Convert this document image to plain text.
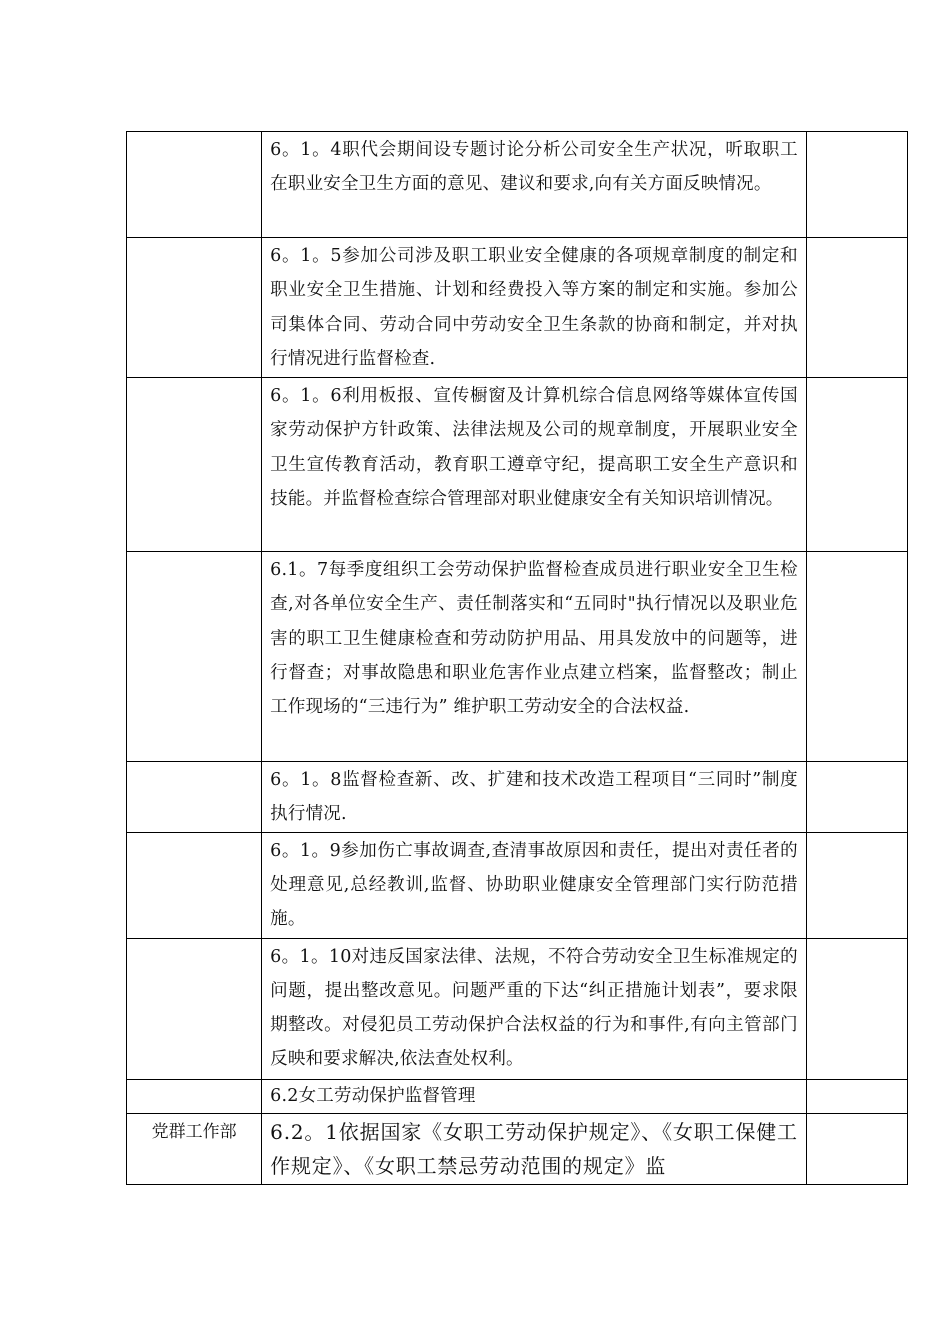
	6。1。4职代会期间设专题讨论分析公司安全生产状况，听取职工在职业安全卫生方面的意见、建议和要求,向有关方面反映情况。	

	6。1。5参加公司涉及职工职业安全健康的各项规章制度的制定和职业安全卫生措施、计划和经费投入等方案的制定和实施。参加公司集体合同、劳动合同中劳动安全卫生条款的协商和制定，并对执行情况进行监督检查.	

	6。1。6利用板报、宣传橱窗及计算机综合信息网络等媒体宣传国家劳动保护方针政策、法律法规及公司的规章制度，开展职业安全卫生宣传教育活动，教育职工遵章守纪，提高职工安全生产意识和技能。并监督检查综合管理部对职业健康安全有关知识培训情况。	

	6.1。7每季度组织工会劳动保护监督检查成员进行职业安全卫生检查,对各单位安全生产、责任制落实和“五同时"执行情况以及职业危害的职工卫生健康检查和劳动防护用品、用具发放中的问题等，进行督查；对事故隐患和职业危害作业点建立档案，监督整改；制止工作现场的“三违行为” 维护职工劳动安全的合法权益.	

	6。1。8监督检查新、改、扩建和技术改造工程项目“三同时”制度执行情况.	

	6。1。9参加伤亡事故调查,查清事故原因和责任，提出对责任者的处理意见,总经教训,监督、协助职业健康安全管理部门实行防范措施。	

	6。1。10对违反国家法律、法规，不符合劳动安全卫生标准规定的问题，提出整改意见。问题严重的下达“纠正措施计划表”，要求限期整改。对侵犯员工劳动保护合法权益的行为和事件,有向主管部门反映和要求解决,依法查处权利。	

	6.2女工劳动保护监督管理	

党群工作部	6.2。1依据国家《女职工劳动保护规定》、《女职工保健工作规定》、《女职工禁忌劳动范围的规定》监	
